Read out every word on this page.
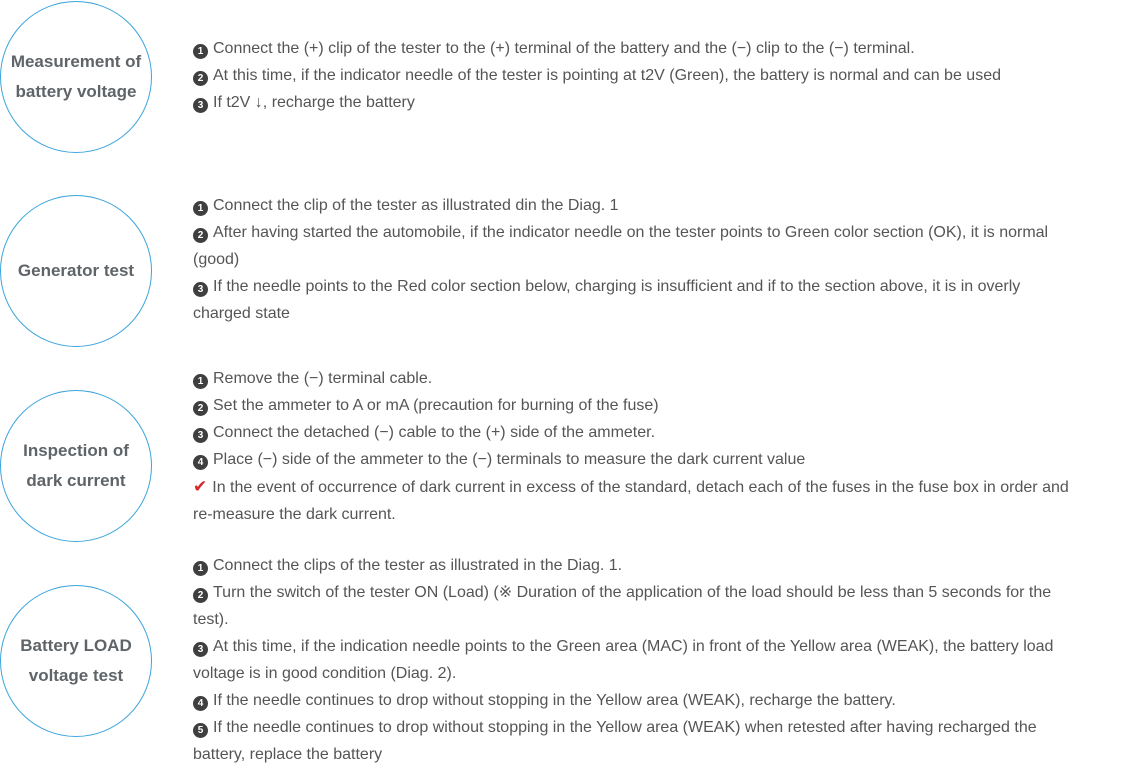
Measurement of battery voltage

1 Connect the (+) clip of the tester to the (+) terminal of the battery and the (−) clip to the (−) terminal.

2 At this time, if the indicator needle of the tester is pointing at t2V (Green), the battery is normal and can be used

3 If t2V ↓, recharge the battery

Generator test

1 Connect the clip of the tester as illustrated din the Diag. 1

2 After having started the automobile, if the indicator needle on the tester points to Green color section (OK), it is normal (good)

3 If the needle points to the Red color section below, charging is insufficient and if to the section above, it is in overly charged state

Inspection of dark current

1 Remove the (−) terminal cable.

2 Set the ammeter to A or mA (precaution for burning of the fuse)

3 Connect the detached (−) cable to the (+) side of the ammeter.

4 Place (−) side of the ammeter to the (−) terminals to measure the dark current value

✔ In the event of occurrence of dark current in excess of the standard, detach each of the fuses in the fuse box in order and re-measure the dark current.

Battery LOAD voltage test

1 Connect the clips of the tester as illustrated in the Diag. 1.

2 Turn the switch of the tester ON (Load) (※ Duration of the application of the load should be less than 5 seconds for the test).

3 At this time, if the indication needle points to the Green area (MAC) in front of the Yellow area (WEAK), the battery load voltage is in good condition (Diag. 2).

4 If the needle continues to drop without stopping in the Yellow area (WEAK), recharge the battery.

5 If the needle continues to drop without stopping in the Yellow area (WEAK) when retested after having recharged the battery, replace the battery
